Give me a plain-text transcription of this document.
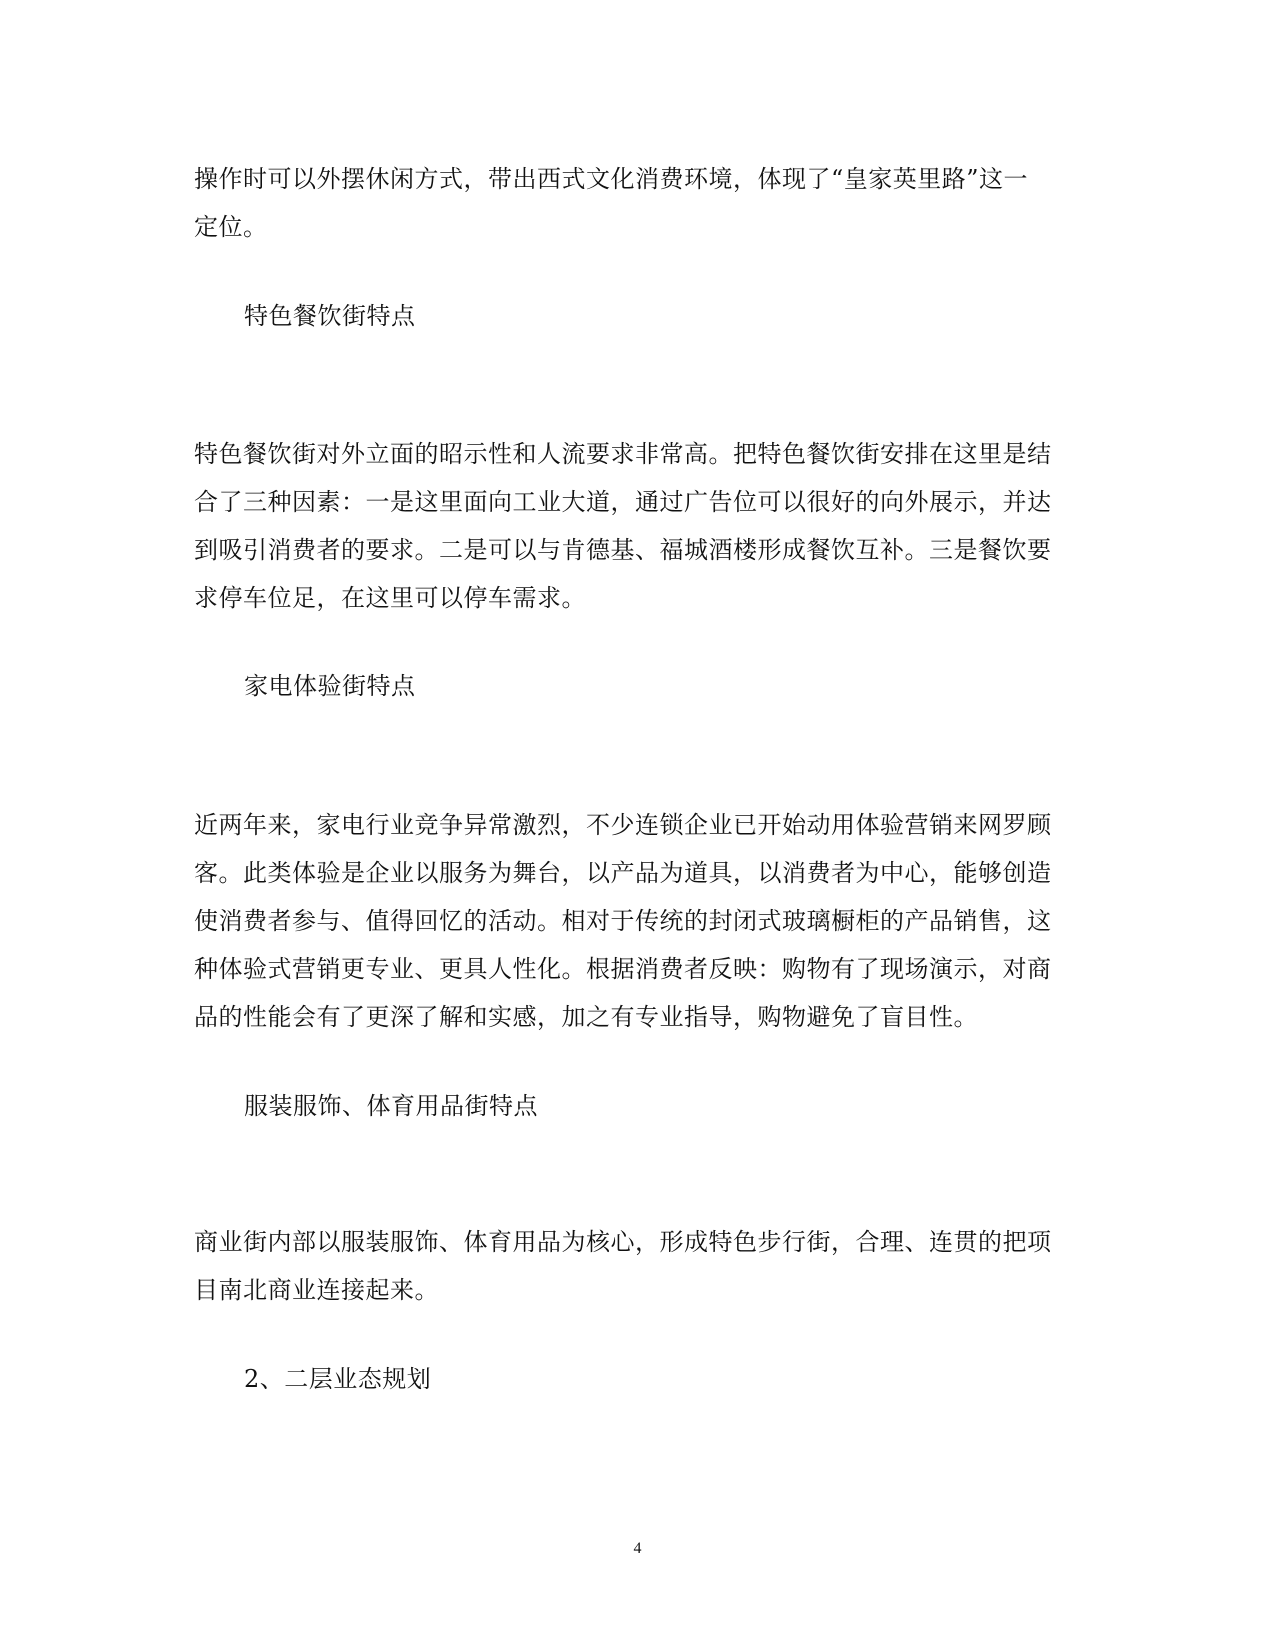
操作时可以外摆休闲方式，带出西式文化消费环境，体现了“皇家英里路”这一
定位。

特色餐饮街特点

特色餐饮街对外立面的昭示性和人流要求非常高。把特色餐饮街安排在这里是结
合了三种因素：一是这里面向工业大道，通过广告位可以很好的向外展示，并达
到吸引消费者的要求。二是可以与肯德基、福城酒楼形成餐饮互补。三是餐饮要
求停车位足，在这里可以停车需求。

家电体验街特点

近两年来，家电行业竞争异常激烈，不少连锁企业已开始动用体验营销来网罗顾
客。此类体验是企业以服务为舞台，以产品为道具，以消费者为中心，能够创造
使消费者参与、值得回忆的活动。相对于传统的封闭式玻璃橱柜的产品销售，这
种体验式营销更专业、更具人性化。根据消费者反映：购物有了现场演示，对商
品的性能会有了更深了解和实感，加之有专业指导，购物避免了盲目性。

服装服饰、体育用品街特点

商业街内部以服装服饰、体育用品为核心，形成特色步行街，合理、连贯的把项
目南北商业连接起来。

2、二层业态规划

4
